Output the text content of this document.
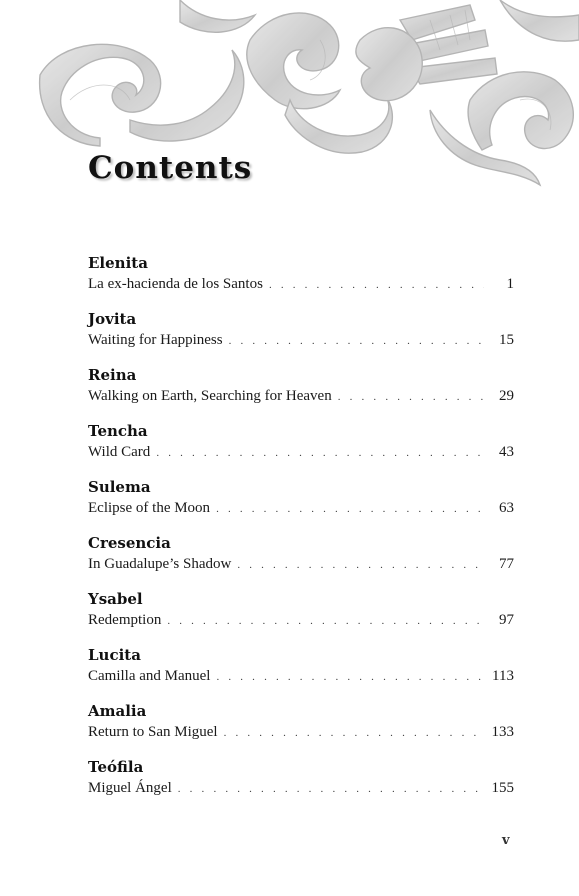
Contents
Elenita
La ex-hacienda de los Santos . . .	1
Jovita
Waiting for Happiness . . .	15
Reina
Walking on Earth, Searching for Heaven . . .	29
Tencha
Wild Card . . .	43
Sulema
Eclipse of the Moon . . .	63
Cresencia
In Guadalupe’s Shadow . . .	77
Ysabel
Redemption . . .	97
Lucita
Camilla and Manuel . . .	113
Amalia
Return to San Miguel . . .	133
Teófila
Miguel Ángel . . .	155
v
